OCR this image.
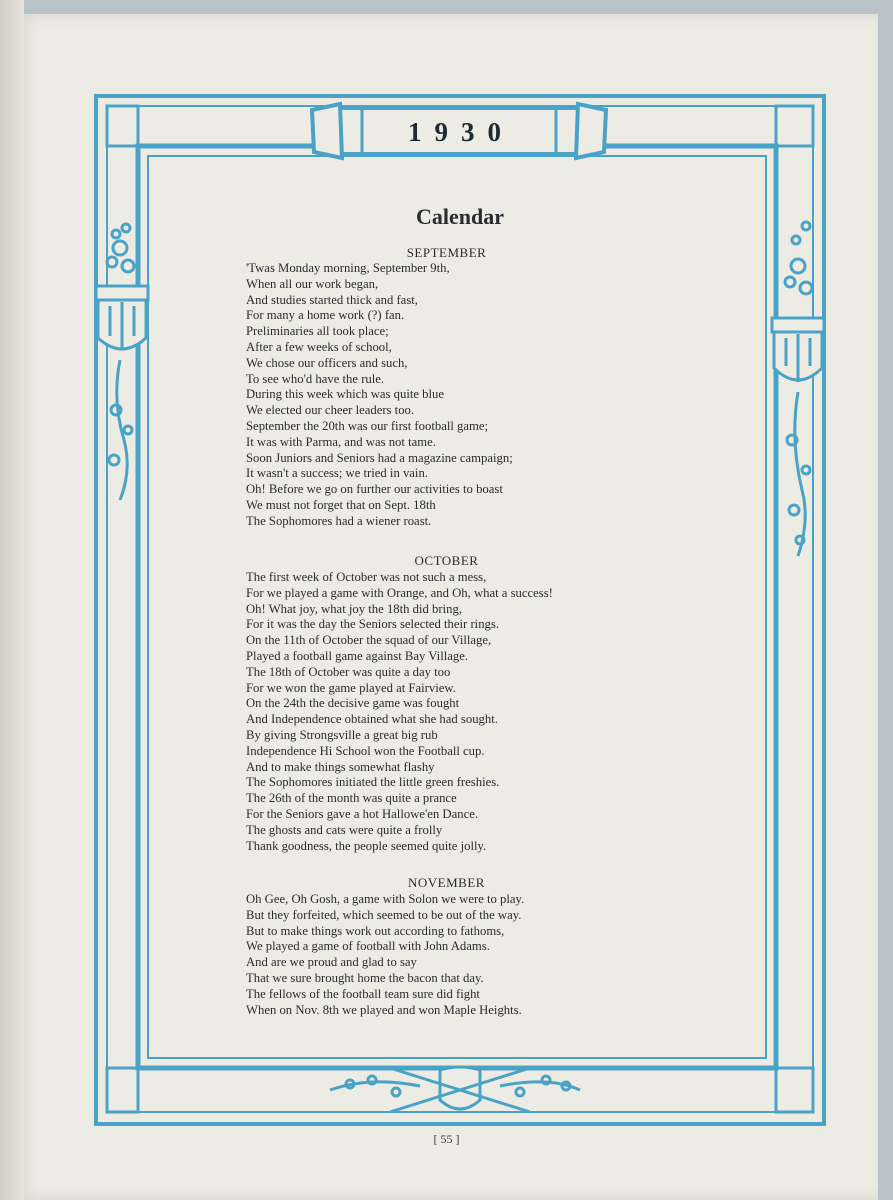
1930
Calendar
SEPTEMBER
'Twas Monday morning, September 9th,
When all our work began,
And studies started thick and fast,
For many a home work (?) fan.
Preliminaries all took place;
After a few weeks of school,
We chose our officers and such,
To see who'd have the rule.
During this week which was quite blue
We elected our cheer leaders too.
September the 20th was our first football game;
It was with Parma, and was not tame.
Soon Juniors and Seniors had a magazine campaign;
It wasn't a success; we tried in vain.
Oh! Before we go on further our activities to boast
We must not forget that on Sept. 18th
The Sophomores had a wiener roast.
OCTOBER
The first week of October was not such a mess,
For we played a game with Orange, and Oh, what a success!
Oh! What joy, what joy the 18th did bring,
For it was the day the Seniors selected their rings.
On the 11th of October the squad of our Village,
Played a football game against Bay Village.
The 18th of October was quite a day too
For we won the game played at Fairview.
On the 24th the decisive game was fought
And Independence obtained what she had sought.
By giving Strongsville a great big rub
Independence Hi School won the Football cup.
And to make things somewhat flashy
The Sophomores initiated the little green freshies.
The 26th of the month was quite a prance
For the Seniors gave a hot Hallowe'en Dance.
The ghosts and cats were quite a frolly
Thank goodness, the people seemed quite jolly.
NOVEMBER
Oh Gee, Oh Gosh, a game with Solon we were to play.
But they forfeited, which seemed to be out of the way.
But to make things work out according to fathoms,
We played a game of football with John Adams.
And are we proud and glad to say
That we sure brought home the bacon that day.
The fellows of the football team sure did fight
When on Nov. 8th we played and won Maple Heights.
[ 55 ]
